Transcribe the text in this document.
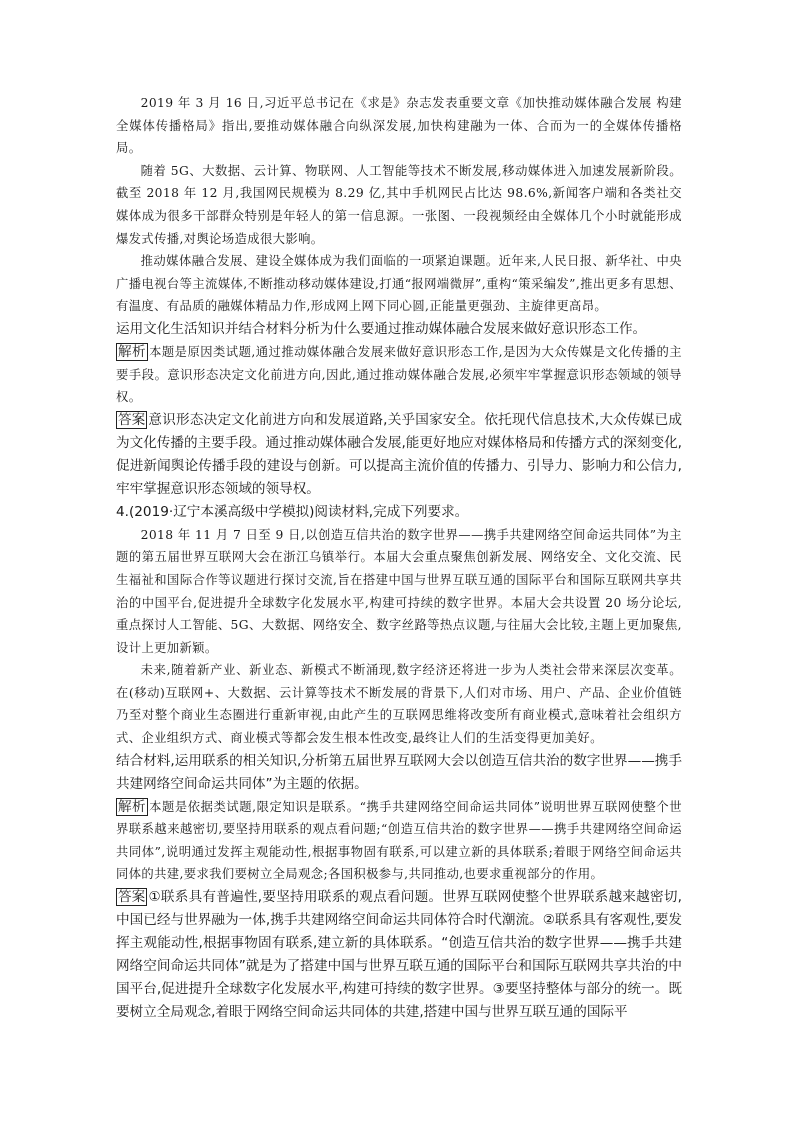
2019 年 3 月 16 日,习近平总书记在《求是》杂志发表重要文章《加快推动媒体融合发展 构建全媒体传播格局》指出,要推动媒体融合向纵深发展,加快构建融为一体、合而为一的全媒体传播格局。

随着 5G、大数据、云计算、物联网、人工智能等技术不断发展,移动媒体进入加速发展新阶段。截至 2018 年 12 月,我国网民规模为 8.29 亿,其中手机网民占比达 98.6%,新闻客户端和各类社交媒体成为很多干部群众特别是年轻人的第一信息源。一张图、一段视频经由全媒体几个小时就能形成爆发式传播,对舆论场造成很大影响。

推动媒体融合发展、建设全媒体成为我们面临的一项紧迫课题。近年来,人民日报、新华社、中央广播电视台等主流媒体,不断推动移动媒体建设,打通“报网端微屏”,重构“策采编发”,推出更多有思想、有温度、有品质的融媒体精品力作,形成网上网下同心圆,正能量更强劲、主旋律更高昂。

运用文化生活知识并结合材料分析为什么要通过推动媒体融合发展来做好意识形态工作。

解析 本题是原因类试题,通过推动媒体融合发展来做好意识形态工作,是因为大众传媒是文化传播的主要手段。意识形态决定文化前进方向,因此,通过推动媒体融合发展,必须牢牢掌握意识形态领域的领导权。

答案 意识形态决定文化前进方向和发展道路,关乎国家安全。依托现代信息技术,大众传媒已成为文化传播的主要手段。通过推动媒体融合发展,能更好地应对媒体格局和传播方式的深刻变化,促进新闻舆论传播手段的建设与创新。可以提高主流价值的传播力、引导力、影响力和公信力,牢牢掌握意识形态领域的领导权。

4.(2019·辽宁本溪高级中学模拟)阅读材料,完成下列要求。

2018 年 11 月 7 日至 9 日,以创造互信共治的数字世界——携手共建网络空间命运共同体”为主题的第五届世界互联网大会在浙江乌镇举行。本届大会重点聚焦创新发展、网络安全、文化交流、民生福祉和国际合作等议题进行探讨交流,旨在搭建中国与世界互联互通的国际平台和国际互联网共享共治的中国平台,促进提升全球数字化发展水平,构建可持续的数字世界。本届大会共设置 20 场分论坛,重点探讨人工智能、5G、大数据、网络安全、数字丝路等热点议题,与往届大会比较,主题上更加聚焦,设计上更加新颖。

未来,随着新产业、新业态、新模式不断涌现,数字经济还将进一步为人类社会带来深层次变革。在(移动)互联网+、大数据、云计算等技术不断发展的背景下,人们对市场、用户、产品、企业价值链乃至对整个商业生态圈进行重新审视,由此产生的互联网思维将改变所有商业模式,意味着社会组织方式、企业组织方式、商业模式等都会发生根本性改变,最终让人们的生活变得更加美好。

结合材料,运用联系的相关知识,分析第五届世界互联网大会以创造互信共治的数字世界——携手共建网络空间命运共同体”为主题的依据。

解析 本题是依据类试题,限定知识是联系。“携手共建网络空间命运共同体”说明世界互联网使整个世界联系越来越密切,要坚持用联系的观点看问题;“创造互信共治的数字世界——携手共建网络空间命运共同体”,说明通过发挥主观能动性,根据事物固有联系,可以建立新的具体联系;着眼于网络空间命运共同体的共建,要求我们要树立全局观念;各国积极参与,共同推动,也要求重视部分的作用。

答案 ①联系具有普遍性,要坚持用联系的观点看问题。世界互联网使整个世界联系越来越密切,中国已经与世界融为一体,携手共建网络空间命运共同体符合时代潮流。②联系具有客观性,要发挥主观能动性,根据事物固有联系,建立新的具体联系。“创造互信共治的数字世界——携手共建网络空间命运共同体”就是为了搭建中国与世界互联互通的国际平台和国际互联网共享共治的中国平台,促进提升全球数字化发展水平,构建可持续的数字世界。③要坚持整体与部分的统一。既要树立全局观念,着眼于网络空间命运共同体的共建,搭建中国与世界互联互通的国际平
